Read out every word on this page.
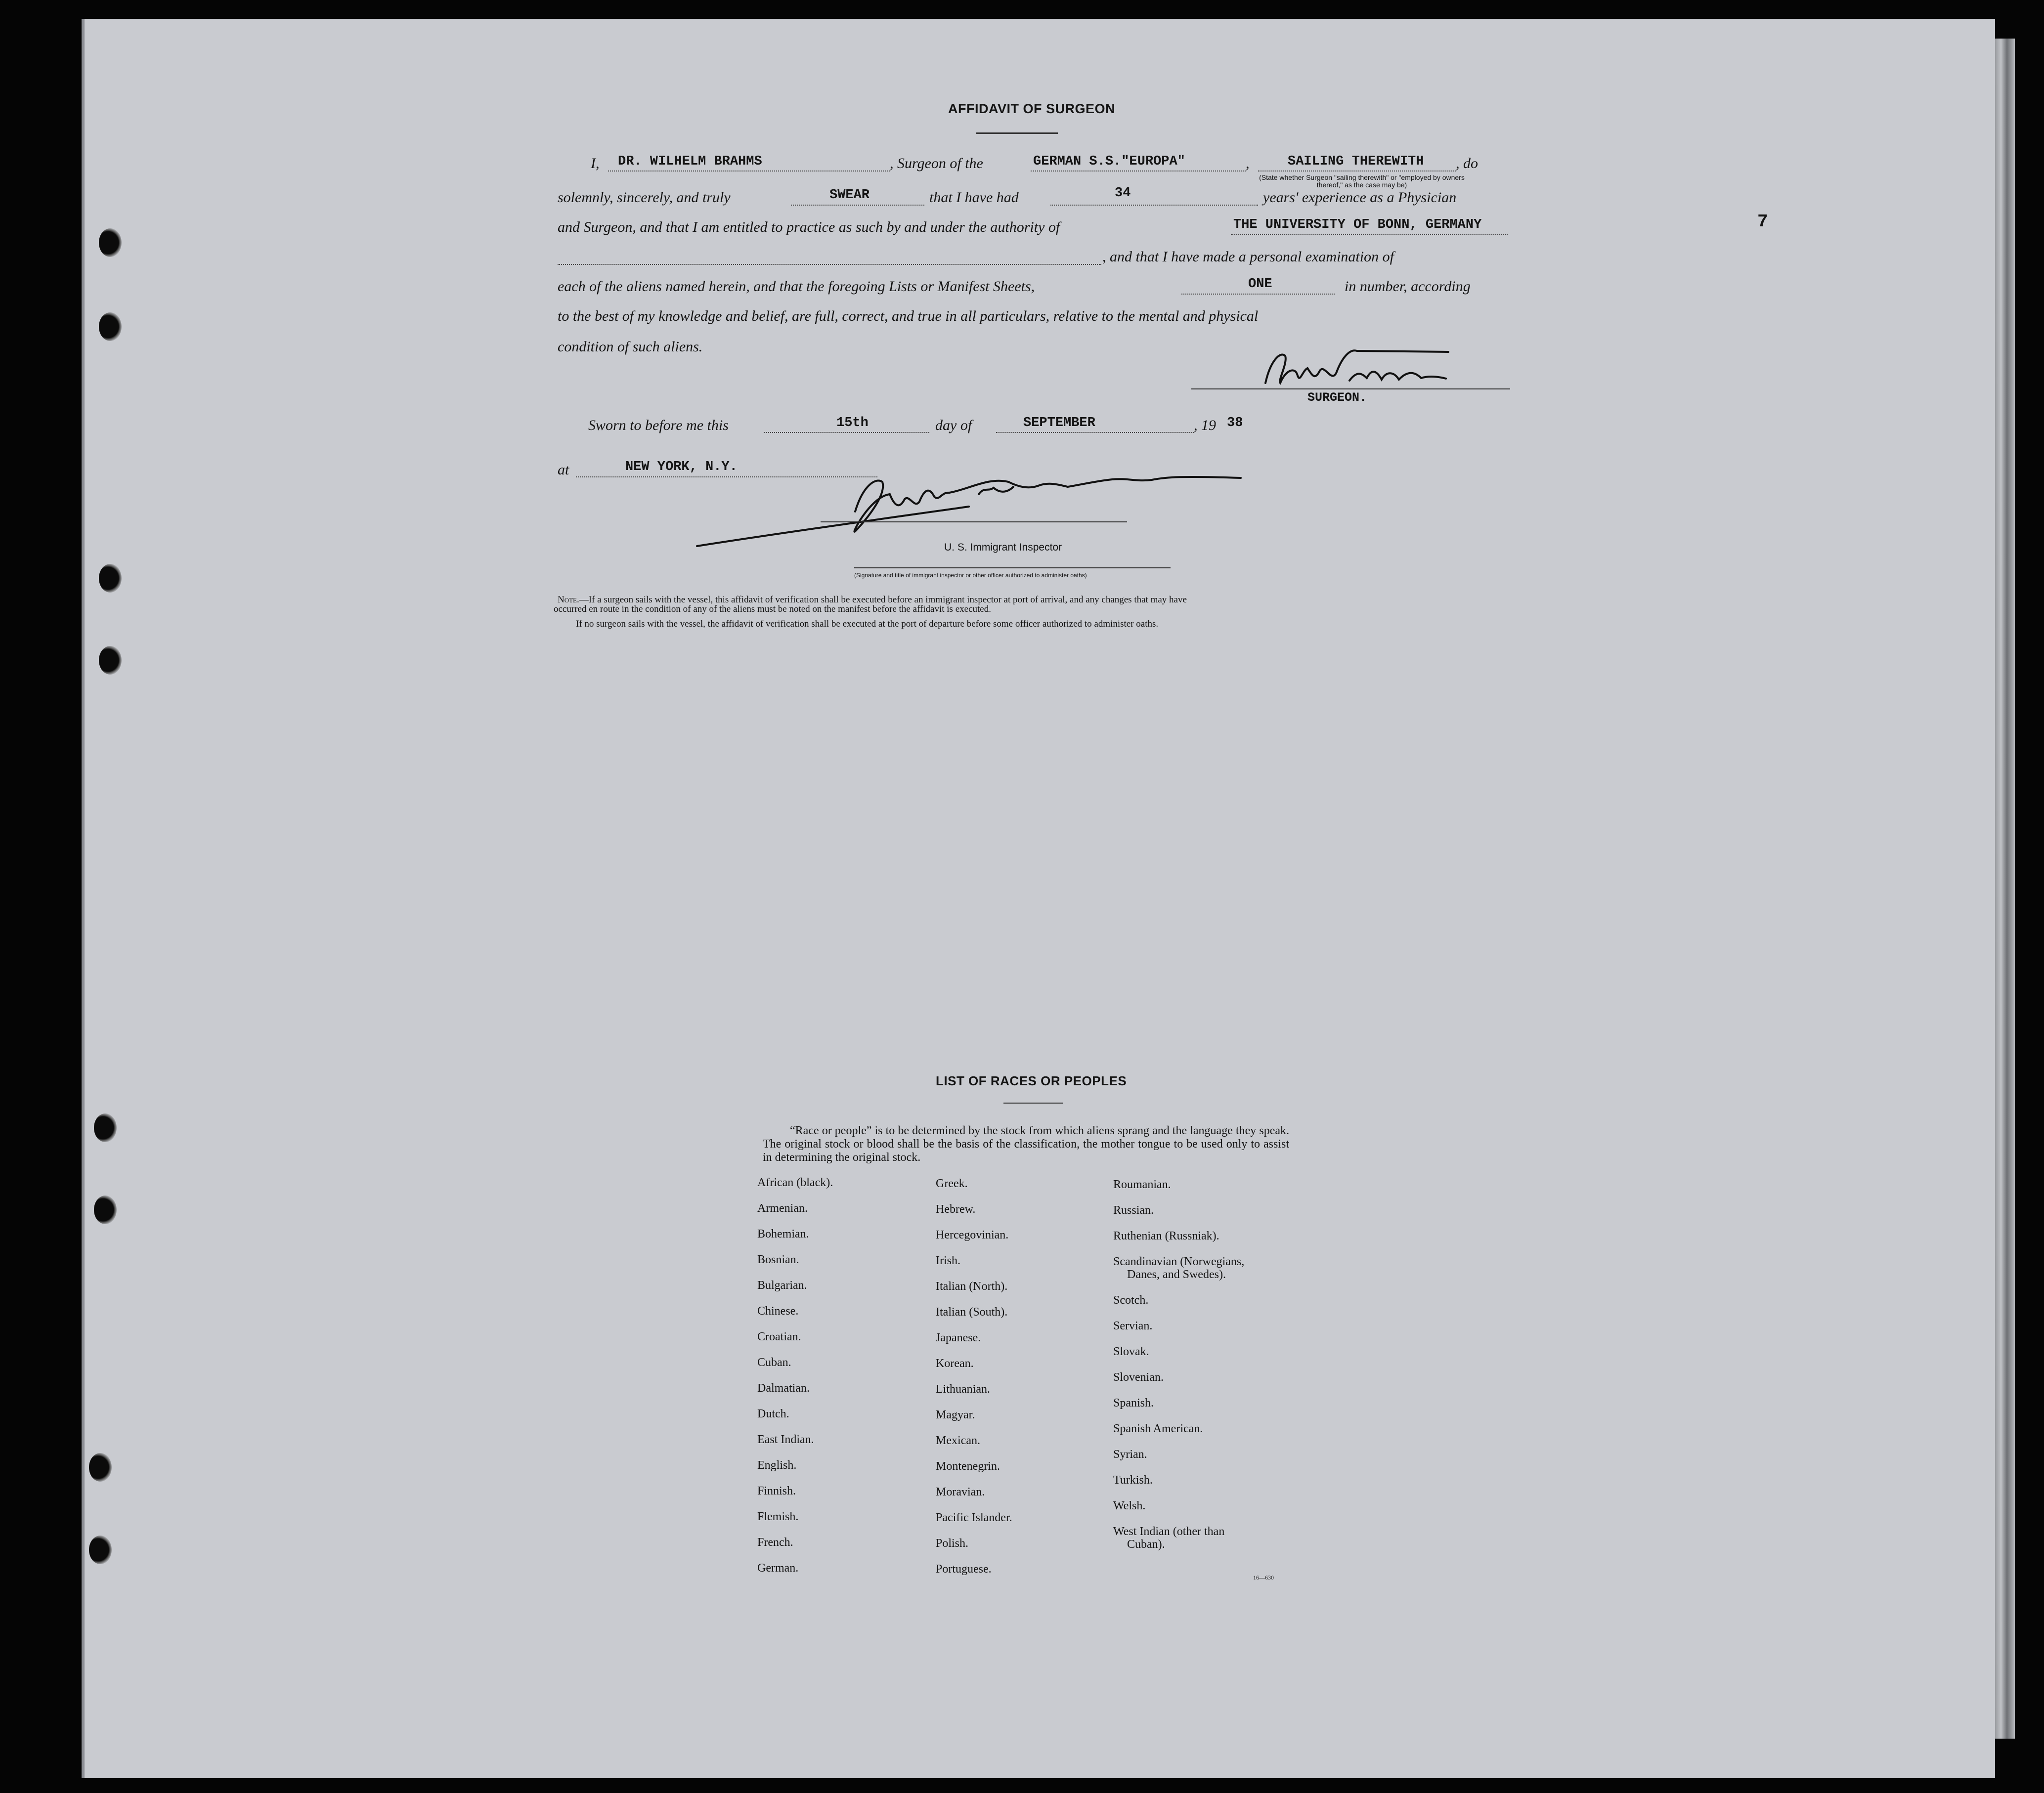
7
AFFIDAVIT OF SURGEON
I, DR. WILHELM BRAHMS	, Surgeon of the	GERMAN S.S."EUROPA"	,	SAILING THEREWITH , do
(State whether Surgeon "sailing therewith" or "employed by owners thereof," as the case may be)
solemnly, sincerely, and truly	SWEAR	that I have had	34	years' experience as a Physician
and Surgeon, and that I am entitled to practice as such by and under the authority of	THE UNIVERSITY OF BONN, GERMANY
, and that I have made a personal examination of
each of the aliens named herein, and that the foregoing Lists or Manifest Sheets,	ONE	in number, according
to the best of my knowledge and belief, are full, correct, and true in all particulars, relative to the mental and physical
condition of such aliens.
SURGEON.
Sworn to before me this	15th	day of	SEPTEMBER	, 19 38
at	NEW YORK, N.Y.
U. S. Immigrant Inspector
(Signature and title of immigrant inspector or other officer authorized to administer oaths)
Note.—If a surgeon sails with the vessel, this affidavit of verification shall be executed before an immigrant inspector at port of arrival, and any changes that may have
occurred en route in the condition of any of the aliens must be noted on the manifest before the affidavit is executed.
If no surgeon sails with the vessel, the affidavit of verification shall be executed at the port of departure before some officer authorized to administer oaths.
LIST OF RACES OR PEOPLES
“Race or people” is to be determined by the stock from which aliens sprang and the language they speak. The original stock or blood shall be the basis of the classification, the mother tongue to be used only to assist in determining the original stock.
African (black).
Armenian.
Bohemian.
Bosnian.
Bulgarian.
Chinese.
Croatian.
Cuban.
Dalmatian.
Dutch.
East Indian.
English.
Finnish.
Flemish.
French.
German.
Greek.
Hebrew.
Hercegovinian.
Irish.
Italian (North).
Italian (South).
Japanese.
Korean.
Lithuanian.
Magyar.
Mexican.
Montenegrin.
Moravian.
Pacific Islander.
Polish.
Portuguese.
Roumanian.
Russian.
Ruthenian (Russniak).
Scandinavian (Norwegians,
Danes, and Swedes).
Scotch.
Servian.
Slovak.
Slovenian.
Spanish.
Spanish American.
Syrian.
Turkish.
Welsh.
West Indian (other than
Cuban).
16—630
